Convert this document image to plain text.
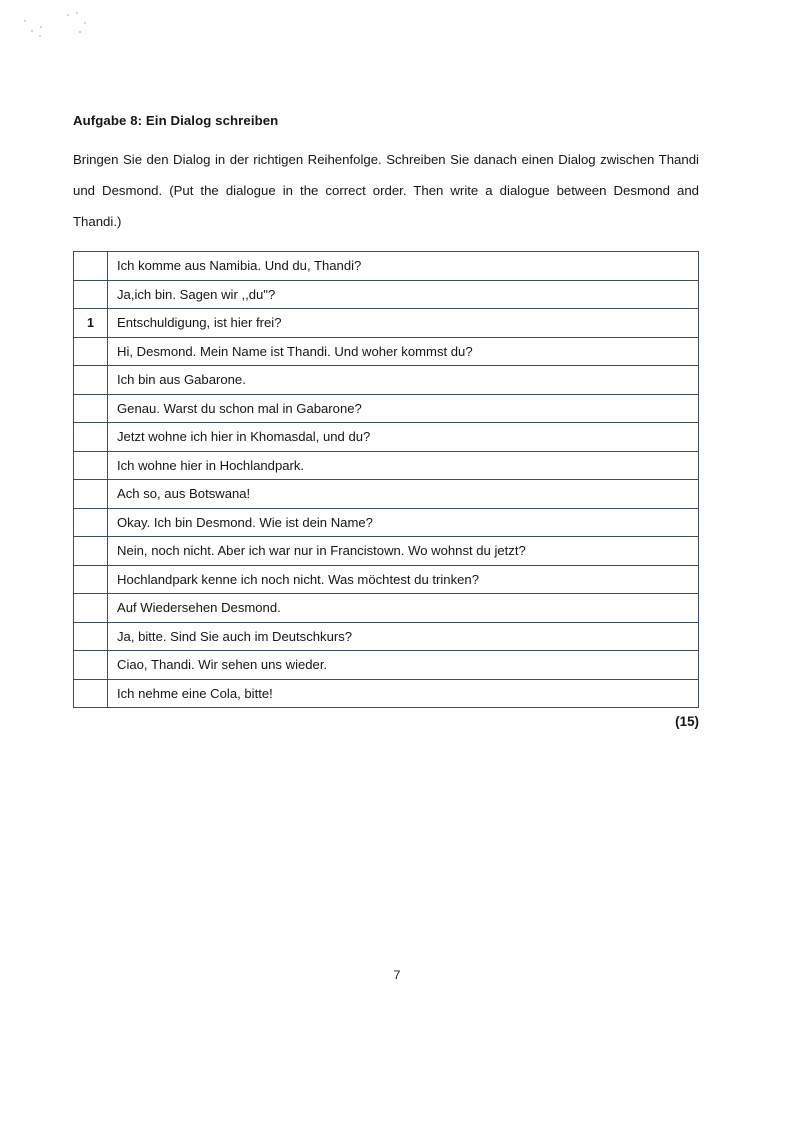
Aufgabe 8: Ein Dialog schreiben
Bringen Sie den Dialog in der richtigen Reihenfolge. Schreiben Sie danach einen Dialog zwischen Thandi und Desmond. (Put the dialogue in the correct order. Then write a dialogue between Desmond and Thandi.)
	Ich komme aus Namibia. Und du, Thandi?
	Ja,ich bin. Sagen wir ,,du"?
1	Entschuldigung, ist hier frei?
	Hi, Desmond. Mein Name ist Thandi. Und woher kommst du?
	Ich bin aus Gabarone.
	Genau. Warst du schon mal in Gabarone?
	Jetzt wohne ich hier in Khomasdal, und du?
	Ich wohne hier in Hochlandpark.
	Ach so, aus Botswana!
	Okay. Ich bin Desmond. Wie ist dein Name?
	Nein, noch nicht. Aber ich war nur in Francistown. Wo wohnst du jetzt?
	Hochlandpark kenne ich noch nicht. Was möchtest du trinken?
	Auf Wiedersehen Desmond.
	Ja, bitte. Sind Sie auch im Deutschkurs?
	Ciao, Thandi. Wir sehen uns wieder.
	Ich nehme eine Cola, bitte!
(15)
7
